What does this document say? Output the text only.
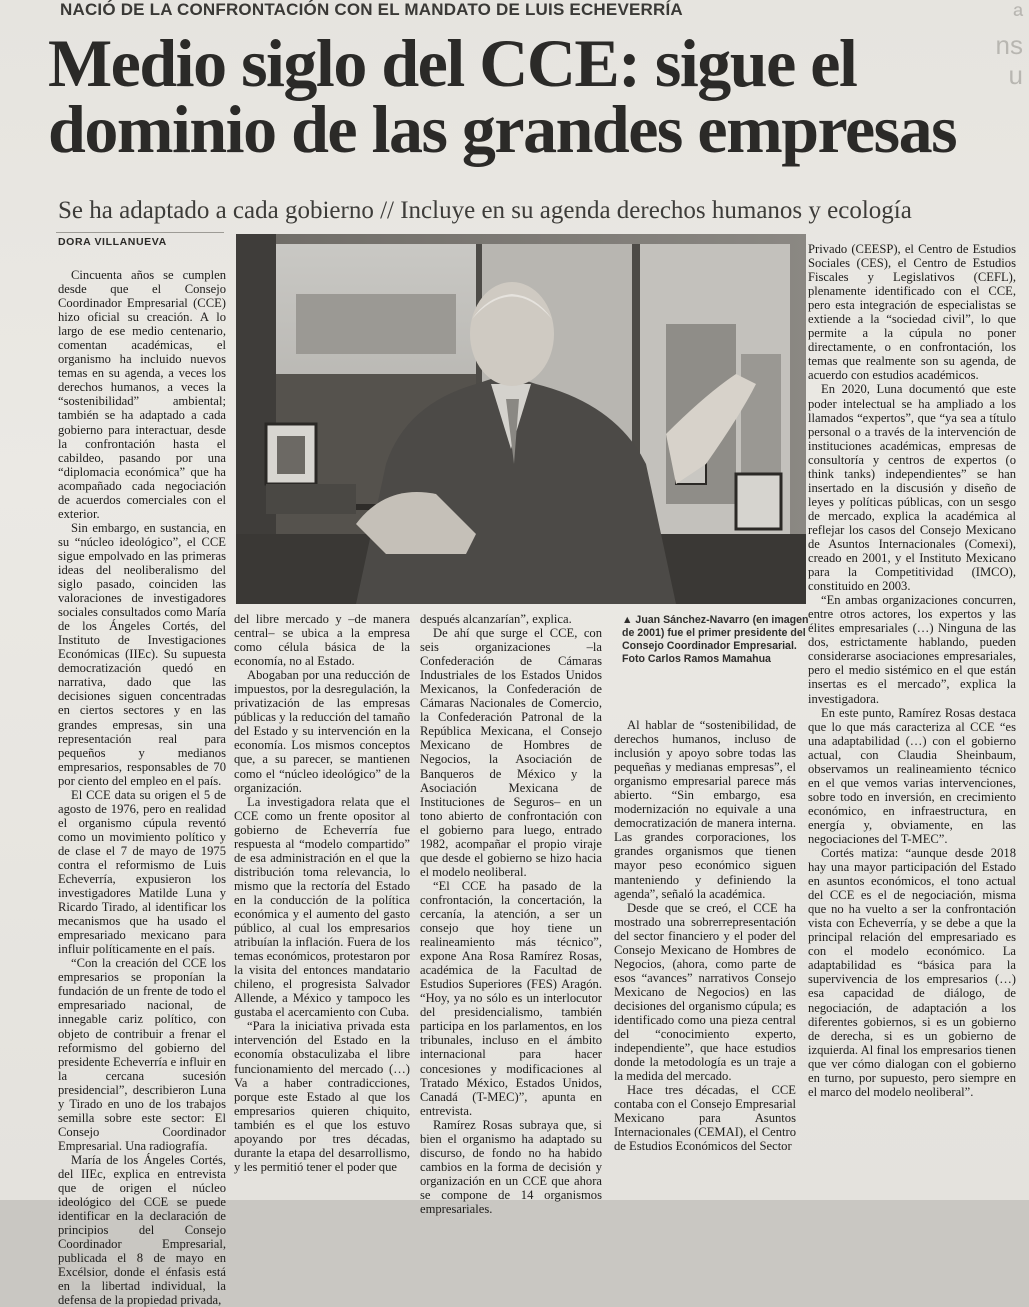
ª
ns
u
NACIÓ DE LA CONFRONTACIÓN CON EL MANDATO DE LUIS ECHEVERRÍA
Medio siglo del CCE: sigue el dominio de las grandes empresas
Se ha adaptado a cada gobierno // Incluye en su agenda derechos humanos y ecología
DORA VILLANUEVA
▲ Juan Sánchez-Navarro (en imagen de 2001) fue el primer presidente del Consejo Coordinador Empresarial. Foto Carlos Ramos Mamahua

Cincuenta años se cumplen desde que el Consejo Coordinador Empresarial (CCE) hizo oficial su creación. A lo largo de ese medio centenario, comentan académicas, el organismo ha incluido nuevos temas en su agenda, a veces los derechos humanos, a veces la “sostenibilidad” ambiental; también se ha adaptado a cada gobierno para interactuar, desde la confrontación hasta el cabildeo, pasando por una “diplomacia económica” que ha acompañado cada negociación de acuerdos comerciales con el exterior.

Sin embargo, en sustancia, en su “núcleo ideológico”, el CCE sigue empolvado en las primeras ideas del neoliberalismo del siglo pasado, coinciden las valoraciones de investigadores sociales consultados como María de los Ángeles Cortés, del Instituto de Investigaciones Económicas (IIEc). Su supuesta democratización quedó en narrativa, dado que las decisiones siguen concentradas en ciertos sectores y en las grandes empresas, sin una representación real para pequeños y medianos empresarios, responsables de 70 por ciento del empleo en el país.

El CCE data su origen el 5 de agosto de 1976, pero en realidad el organismo cúpula reventó como un movimiento político y de clase el 7 de mayo de 1975 contra el reformismo de Luis Echeverría, expusieron los investigadores Matilde Luna y Ricardo Tirado, al identificar los mecanismos que ha usado el empresariado mexicano para influir políticamente en el país.

“Con la creación del CCE los empresarios se proponían la fundación de un frente de todo el empresariado nacional, de innegable cariz político, con objeto de contribuir a frenar el reformismo del gobierno del presidente Echeverría e influir en la cercana sucesión presidencial”, describieron Luna y Tirado en uno de los trabajos semilla sobre este sector: El Consejo Coordinador Empresarial. Una radiografía.

María de los Ángeles Cortés, del IIEc, explica en entrevista que de origen el núcleo ideológico del CCE se puede identificar en la declaración de principios del Consejo Coordinador Empresarial, publicada el 8 de mayo en Excélsior, donde el énfasis está en la libertad individual, la defensa de la propiedad privada,

del libre mercado y –de manera central– se ubica a la empresa como célula básica de la economía, no al Estado.

Abogaban por una reducción de impuestos, por la desregulación, la privatización de las empresas públicas y la reducción del tamaño del Estado y su intervención en la economía. Los mismos conceptos que, a su parecer, se mantienen como el “núcleo ideológico” de la organización.

La investigadora relata que el CCE como un frente opositor al gobierno de Echeverría fue respuesta al “modelo compartido” de esa administración en el que la distribución toma relevancia, lo mismo que la rectoría del Estado en la conducción de la política económica y el aumento del gasto público, al cual los empresarios atribuían la inflación. Fuera de los temas económicos, protestaron por la visita del entonces mandatario chileno, el progresista Salvador Allende, a México y tampoco les gustaba el acercamiento con Cuba.

“Para la iniciativa privada esta intervención del Estado en la economía obstaculizaba el libre funcionamiento del mercado (…) Va a haber contradicciones, porque este Estado al que los empresarios quieren chiquito, también es el que los estuvo apoyando por tres décadas, durante la etapa del desarrollismo, y les permitió tener el poder que

después alcanzarían”, explica.

De ahí que surge el CCE, con seis organizaciones –la Confederación de Cámaras Industriales de los Estados Unidos Mexicanos, la Confederación de Cámaras Nacionales de Comercio, la Confederación Patronal de la República Mexicana, el Consejo Mexicano de Hombres de Negocios, la Asociación de Banqueros de México y la Asociación Mexicana de Instituciones de Seguros– en un tono abierto de confrontación con el gobierno para luego, entrado 1982, acompañar el propio viraje que desde el gobierno se hizo hacia el modelo neoliberal.

“El CCE ha pasado de la confrontación, la concertación, la cercanía, la atención, a ser un consejo que hoy tiene un realineamiento más técnico”, expone Ana Rosa Ramírez Rosas, académica de la Facultad de Estudios Superiores (FES) Aragón. “Hoy, ya no sólo es un interlocutor del presidencialismo, también participa en los parlamentos, en los tribunales, incluso en el ámbito internacional para hacer concesiones y modificaciones al Tratado México, Estados Unidos, Canadá (T-MEC)”, apunta en entrevista.

Ramírez Rosas subraya que, si bien el organismo ha adaptado su discurso, de fondo no ha habido cambios en la forma de decisión y organización en un CCE que ahora se compone de 14 organismos empresariales.

Al hablar de “sostenibilidad, de derechos humanos, incluso de inclusión y apoyo sobre todas las pequeñas y medianas empresas”, el organismo empresarial parece más abierto. “Sin embargo, esa modernización no equivale a una democratización de manera interna. Las grandes corporaciones, los grandes organismos que tienen mayor peso económico siguen manteniendo y definiendo la agenda”, señaló la académica.

Desde que se creó, el CCE ha mostrado una sobrerrepresentación del sector financiero y el poder del Consejo Mexicano de Hombres de Negocios, (ahora, como parte de esos “avances” narrativos Consejo Mexicano de Negocios) en las decisiones del organismo cúpula; es identificado como una pieza central del “conocimiento experto, independiente”, que hace estudios donde la metodología es un traje a la medida del mercado.

Hace tres décadas, el CCE contaba con el Consejo Empresarial Mexicano para Asuntos Internacionales (CEMAI), el Centro de Estudios Económicos del Sector

Privado (CEESP), el Centro de Estudios Sociales (CES), el Centro de Estudios Fiscales y Legislativos (CEFL), plenamente identificado con el CCE, pero esta integración de especialistas se extiende a la “sociedad civil”, lo que permite a la cúpula no poner directamente, o en confrontación, los temas que realmente son su agenda, de acuerdo con estudios académicos.

En 2020, Luna documentó que este poder intelectual se ha ampliado a los llamados “expertos”, que “ya sea a título personal o a través de la intervención de instituciones académicas, empresas de consultoría y centros de expertos (o think tanks) independientes” se han insertado en la discusión y diseño de leyes y políticas públicas, con un sesgo de mercado, explica la académica al reflejar los casos del Consejo Mexicano de Asuntos Internacionales (Comexi), creado en 2001, y el Instituto Mexicano para la Competitividad (IMCO), constituido en 2003.

“En ambas organizaciones concurren, entre otros actores, los expertos y las élites empresariales (…) Ninguna de las dos, estrictamente hablando, pueden considerarse asociaciones empresariales, pero el medio sistémico en el que están insertas es el mercado”, explica la investigadora.

En este punto, Ramírez Rosas destaca que lo que más caracteriza al CCE “es una adaptabilidad (…) con el gobierno actual, con Claudia Sheinbaum, observamos un realineamiento técnico en el que vemos varias intervenciones, sobre todo en inversión, en crecimiento económico, en infraestructura, en energía y, obviamente, en las negociaciones del T-MEC”.

Cortés matiza: “aunque desde 2018 hay una mayor participación del Estado en asuntos económicos, el tono actual del CCE es el de negociación, misma que no ha vuelto a ser la confrontación vista con Echeverría, y se debe a que la principal relación del empresariado es con el modelo económico. La adaptabilidad es “básica para la supervivencia de los empresarios (…) esa capacidad de diálogo, de negociación, de adaptación a los diferentes gobiernos, si es un gobierno de derecha, si es un gobierno de izquierda. Al final los empresarios tienen que ver cómo dialogan con el gobierno en turno, por supuesto, pero siempre en el marco del modelo neoliberal”.
